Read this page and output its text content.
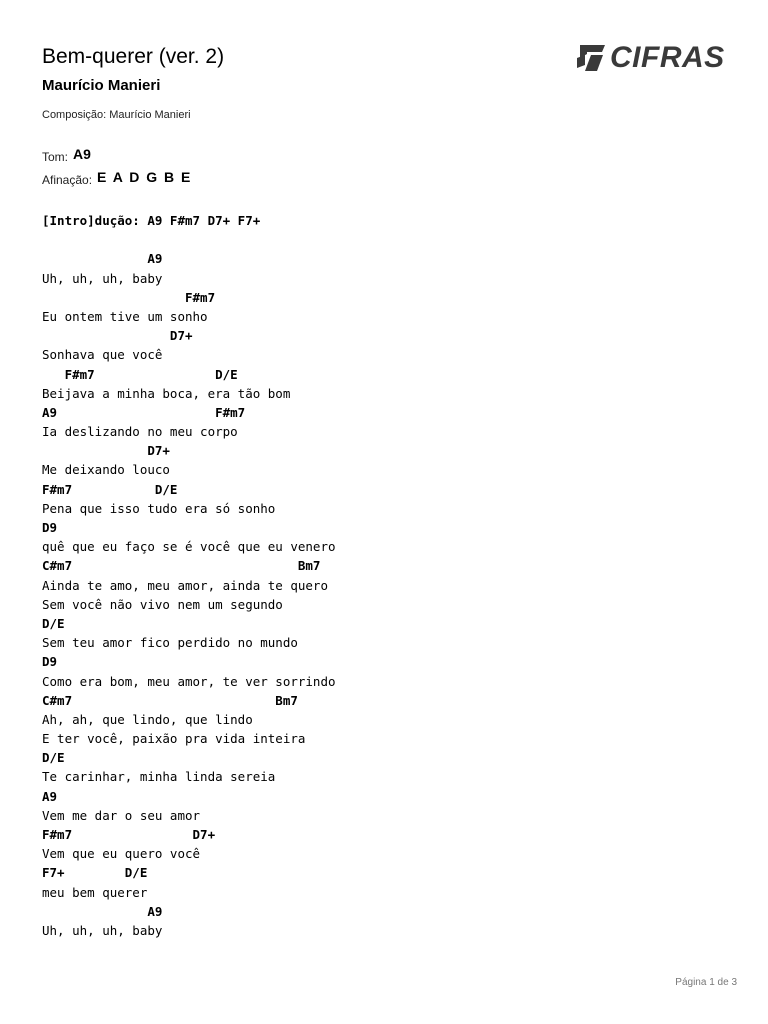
Bem-querer (ver. 2)
Maurício Manieri
Composição: Maurício Manieri
Tom: A9
Afinação: E A D G B E
CIFRAS
[Intro]dução: A9 F#m7 D7+ F7+
A9
Uh, uh, uh, baby
F#m7
Eu ontem tive um sonho
D7+
Sonhava que você
F#m7                D/E
Beijava a minha boca, era tão bom
A9                     F#m7
Ia deslizando no meu corpo
D7+
Me deixando louco
F#m7           D/E
Pena que isso tudo era só sonho
D9
quê que eu faço se é você que eu venero
C#m7                              Bm7
Ainda te amo, meu amor, ainda te quero
Sem você não vivo nem um segundo
D/E
Sem teu amor fico perdido no mundo
D9
Como era bom, meu amor, te ver sorrindo
C#m7                           Bm7
Ah, ah, que lindo, que lindo
E ter você, paixão pra vida inteira
D/E
Te carinhar, minha linda sereia
A9
Vem me dar o seu amor
F#m7                D7+
Vem que eu quero você
F7+        D/E
meu bem querer
A9
Uh, uh, uh, baby
Página 1 de 3
